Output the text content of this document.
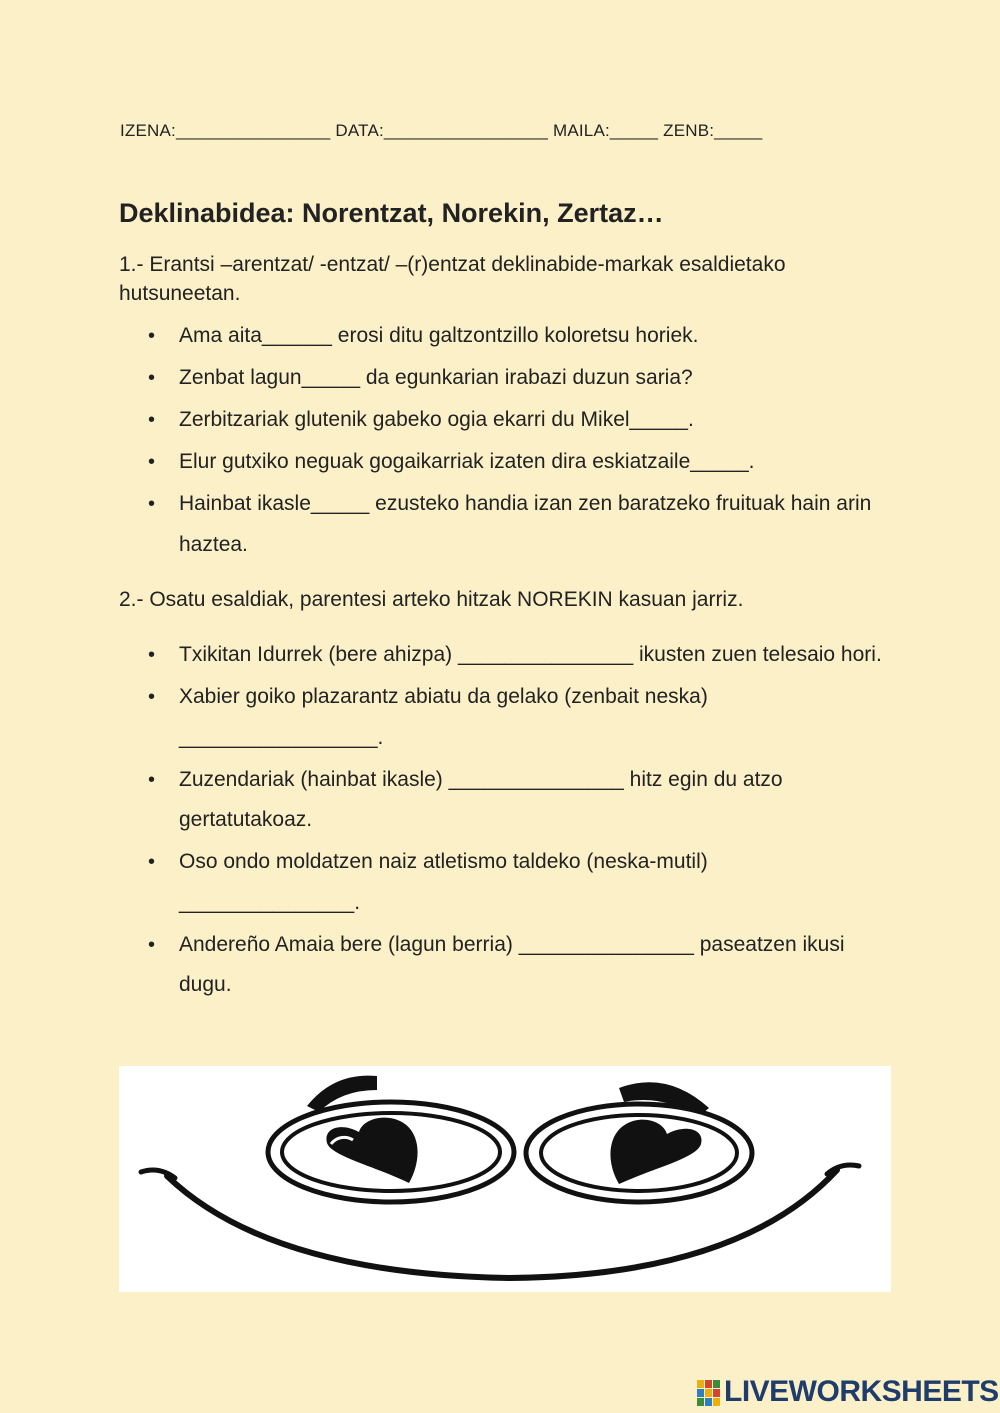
IZENA:________________ DATA:_________________ MAILA:_____ ZENB:_____
Deklinabidea: Norentzat, Norekin, Zertaz…

1.- Erantsi –arentzat/ -entzat/ –(r)entzat deklinabide-markak esaldietako hutsuneetan.

• Ama aita______ erosi ditu galtzontzillo koloretsu horiek.
• Zenbat lagun_____ da egunkarian irabazi duzun saria?
• Zerbitzariak glutenik gabeko ogia ekarri du Mikel_____.
• Elur gutxiko neguak gogaikarriak izaten dira eskiatzaile_____.
• Hainbat ikasle_____ ezusteko handia izan zen baratzeko fruituak hain arin haztea.

2.- Osatu esaldiak, parentesi arteko hitzak NOREKIN kasuan jarriz.

• Txikitan Idurrek (bere ahizpa) _______________ ikusten zuen telesaio hori.
• Xabier goiko plazarantz abiatu da gelako (zenbait neska) _________________.
• Zuzendariak (hainbat ikasle) _______________ hitz egin du atzo gertatutakoaz.
• Oso ondo moldatzen naiz atletismo taldeko (neska-mutil) _______________.
• Andereño Amaia bere (lagun berria) _______________ paseatzen ikusi dugu.
LIVEWORKSHEETS
